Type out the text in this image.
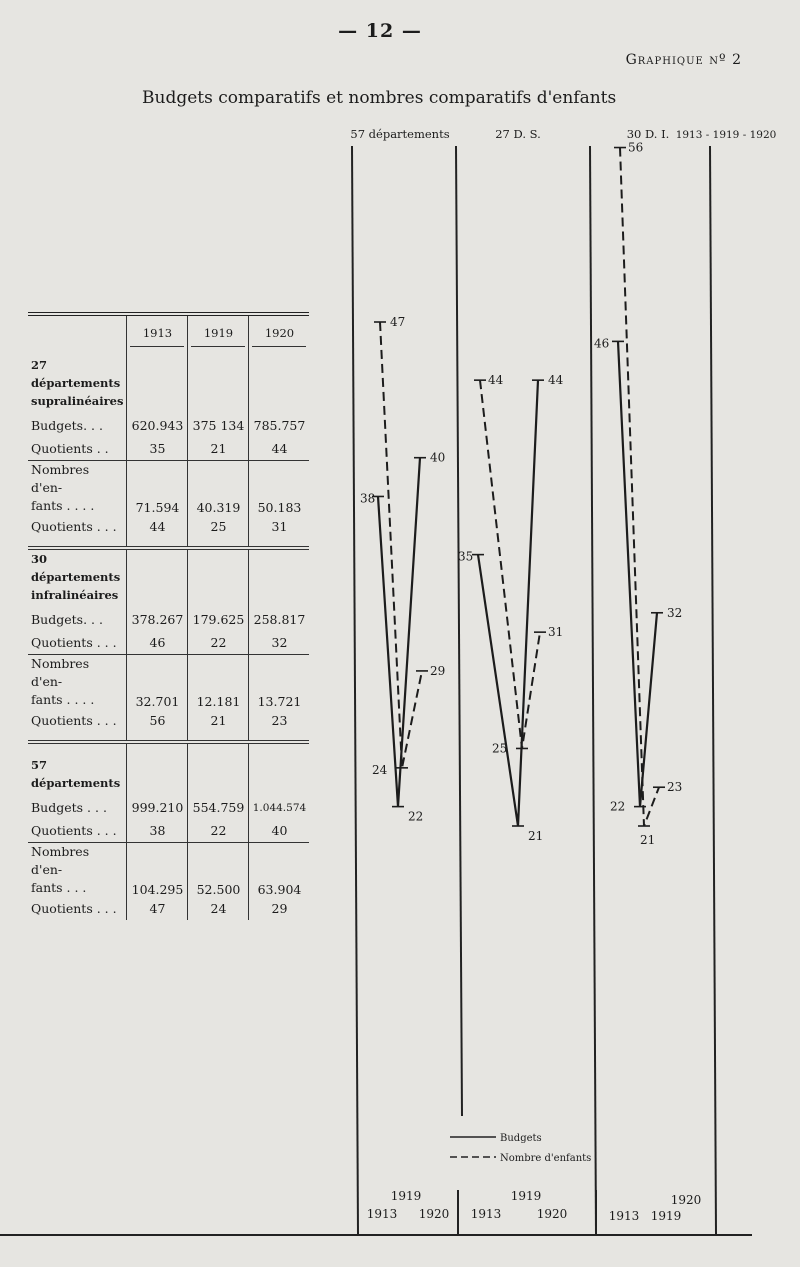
— 12 —
Graphique nº 2
Budgets comparatifs et nombres comparatifs d'enfants
	1913	1919	1920
27 départements
supralinéaires			
Budgets. . .	620.943	375 134	785.757
Quotients . .	35	21	44
Nombres d'en-
fants . . . .	71.594	40.319	50.183
Quotients . . .	44	25	31

30 départements
infralinéaires			
Budgets. . .	378.267	179.625	258.817
Quotients . . .	46	22	32
Nombres d'en-
fants . . . .	32.701	12.181	13.721
Quotients . . .	56	21	23

57 départements			
Budgets . . .	999.210	554.759	1.044.574
Quotients . . .	38	22	40
Nombres d'en-
fants . . .	104.295	52.500	63.904
Quotients . . .	47	24	29
Budgets
Nombre d'enfants
57 départements
38
22
40
47
24
29
1919
1913 1920
27 D. S.
35
21
44
44
25
31
1919
1913	1920
30 D. I. 1913 - 1919 - 1920
46
22
32
56
21
23
1920
1913 1919
